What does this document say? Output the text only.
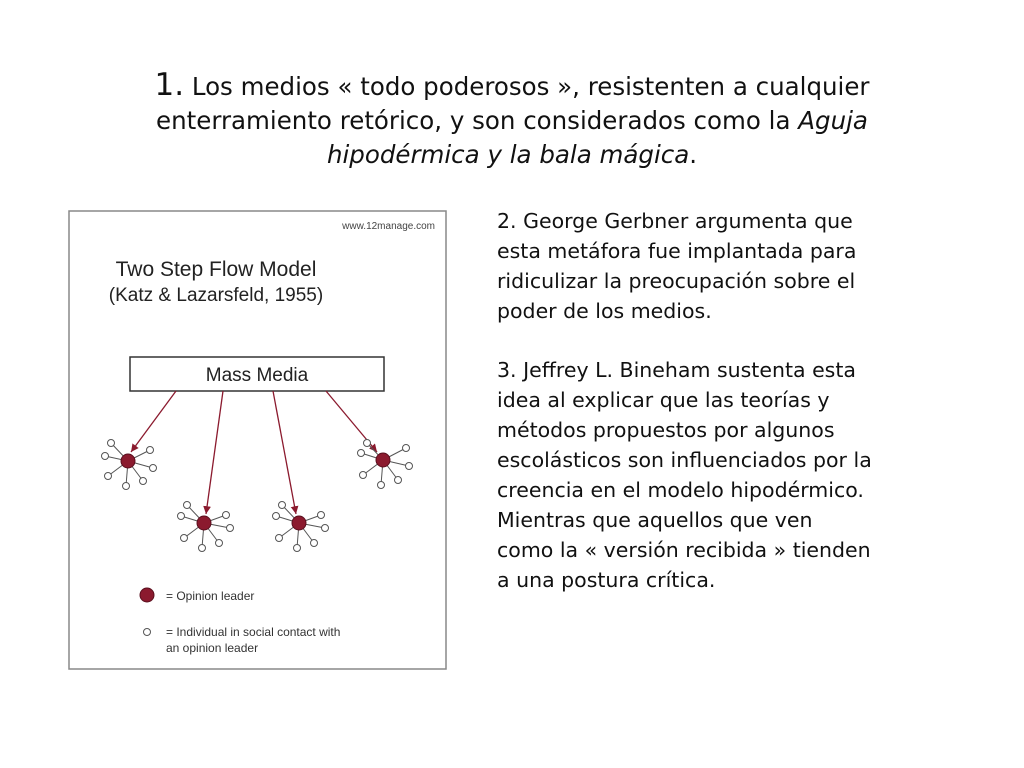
1. Los medios « todo poderosos », resistenten a cualquier
enterramiento retórico, y son considerados como la Aguja
hipodérmica y la bala mágica.

2. George Gerbner argumenta que
esta metáfora fue implantada para
ridiculizar la preocupación sobre el
poder de los medios.

3. Jeffrey L. Bineham sustenta esta
idea al explicar que las teorías y
métodos propuestos por algunos
escolásticos son influenciados por la
creencia en el modelo hipodérmico.
Mientras que aquellos que ven
como la « versión recibida » tienden
a una postura crítica.

www.12manage.com
Two Step Flow Model
(Katz & Lazarsfeld, 1955)
Mass Media
= Opinion leader
= Individual in social contact with
an opinion leader
